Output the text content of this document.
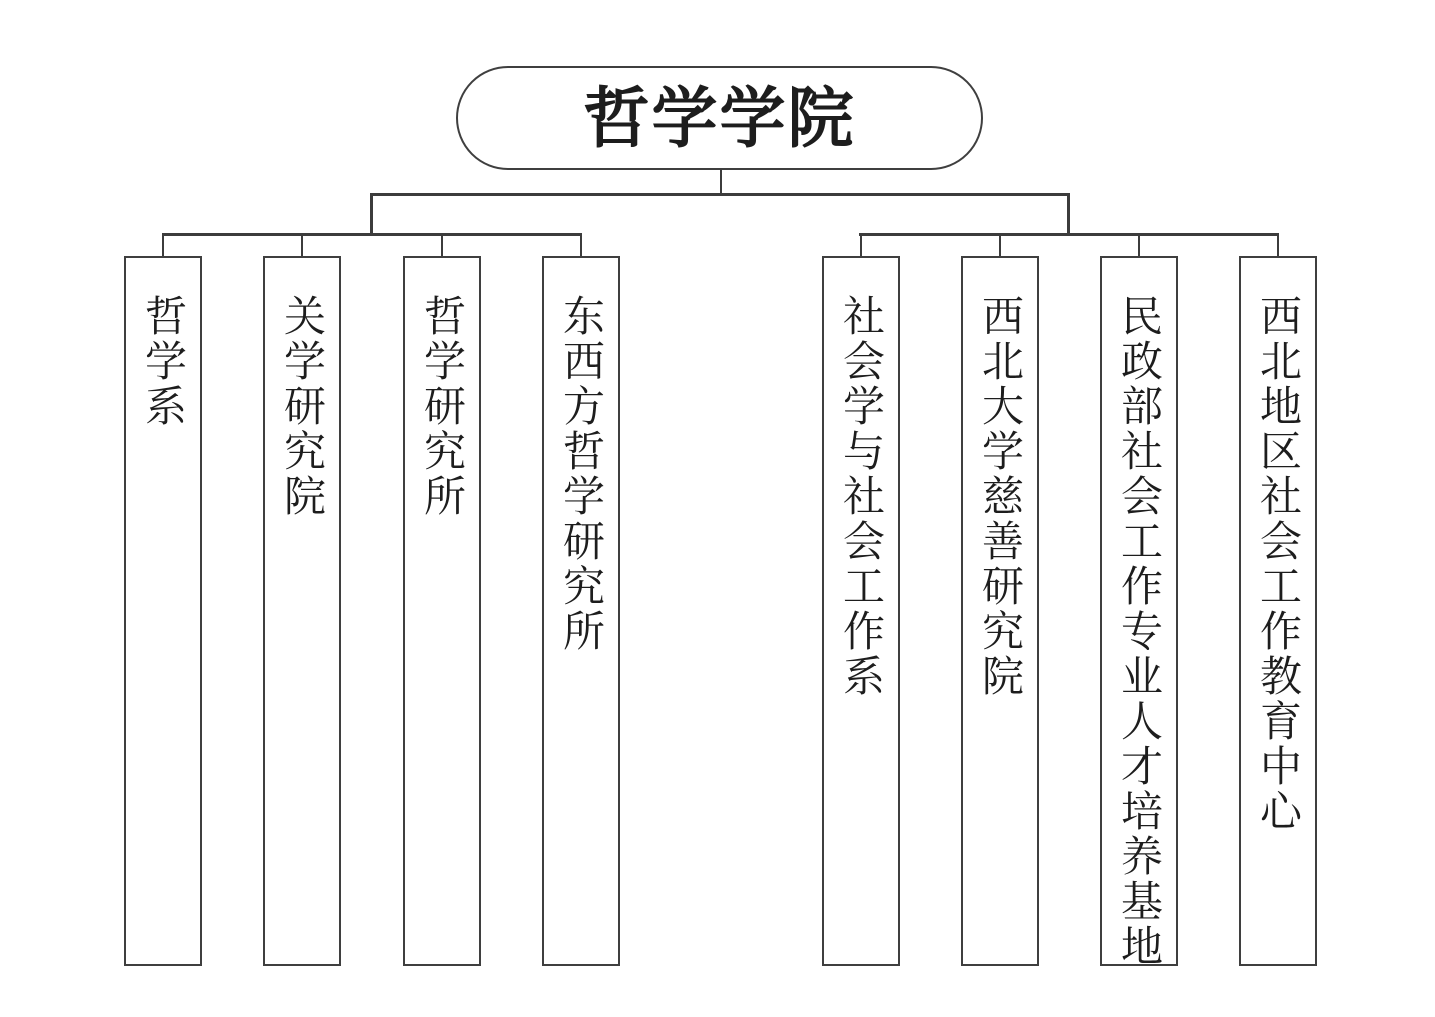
哲学学院
哲学系 关学研究院 哲学研究所 东西方哲学研究所	社会学与社会工作系 西北大学慈善研究院 民政部社会工作专业人才培养基地 西北地区社会工作教育中心
